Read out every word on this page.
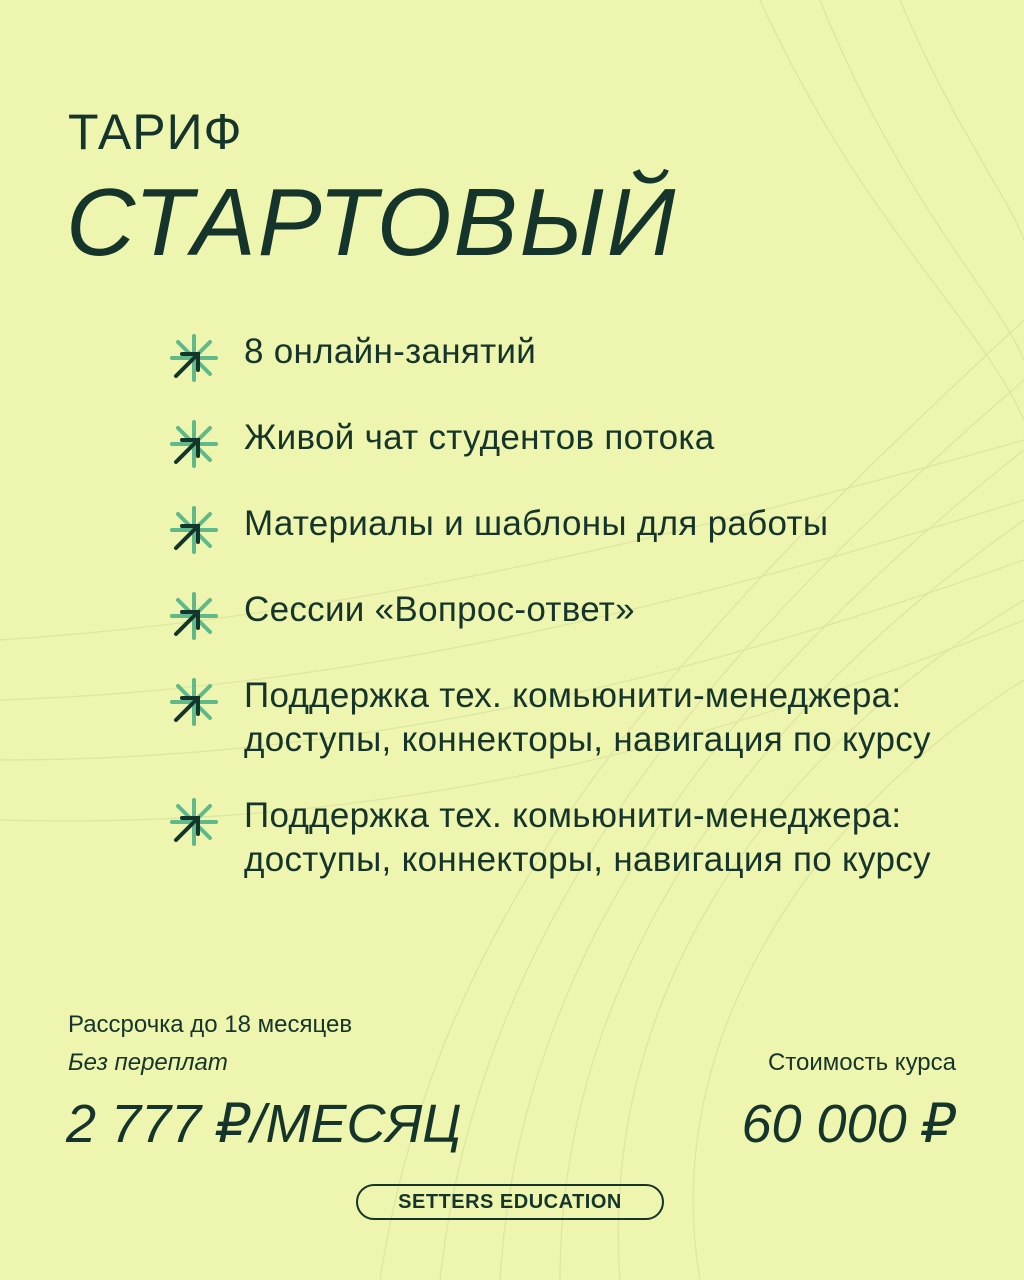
ТАРИФ
СТАРТОВЫЙ
8 онлайн-занятий
Живой чат студентов потока
Материалы и шаблоны для работы
Сессии «Вопрос-ответ»
Поддержка тех. комьюнити-менеджера: доступы, коннекторы, навигация по курсу
Поддержка тех. комьюнити-менеджера: доступы, коннекторы, навигация по курсу
Рассрочка до 18 месяцев
Без переплат
2 777 ₽/МЕСЯЦ
Стоимость курса
60 000 ₽
SETTERS EDUCATION
